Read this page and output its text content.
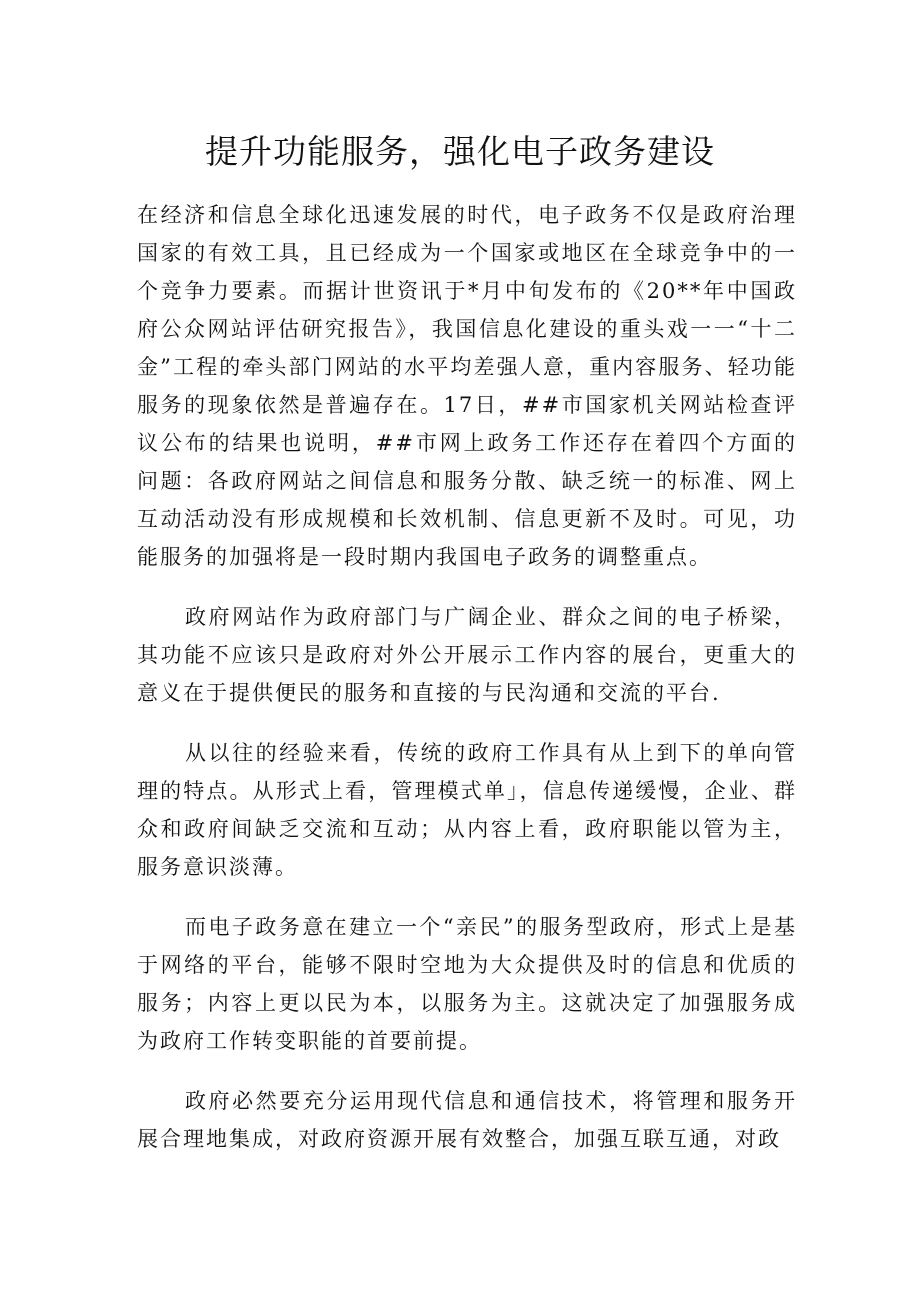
提升功能服务，强化电子政务建设

在经济和信息全球化迅速发展的时代，电子政务不仅是政府治理国家的有效工具，且已经成为一个国家或地区在全球竞争中的一个竞争力要素。而据计世资讯于*月中旬发布的《20**年中国政府公众网站评估研究报告》，我国信息化建设的重头戏一一“十二金”工程的牵头部门网站的水平均差强人意，重内容服务、轻功能服务的现象依然是普遍存在。17日，##市国家机关网站检查评议公布的结果也说明，##市网上政务工作还存在着四个方面的问题：各政府网站之间信息和服务分散、缺乏统一的标准、网上互动活动没有形成规模和长效机制、信息更新不及时。可见，功能服务的加强将是一段时期内我国电子政务的调整重点。

政府网站作为政府部门与广阔企业、群众之间的电子桥梁，其功能不应该只是政府对外公开展示工作内容的展台，更重大的意义在于提供便民的服务和直接的与民沟通和交流的平台.

从以往的经验来看，传统的政府工作具有从上到下的单向管理的特点。从形式上看，管理模式单」，信息传递缓慢，企业、群众和政府间缺乏交流和互动；从内容上看，政府职能以管为主，服务意识淡薄。

而电子政务意在建立一个“亲民”的服务型政府，形式上是基于网络的平台，能够不限时空地为大众提供及时的信息和优质的服务；内容上更以民为本，以服务为主。这就决定了加强服务成为政府工作转变职能的首要前提。

政府必然要充分运用现代信息和通信技术，将管理和服务开展合理地集成，对政府资源开展有效整合，加强互联互通，对政
